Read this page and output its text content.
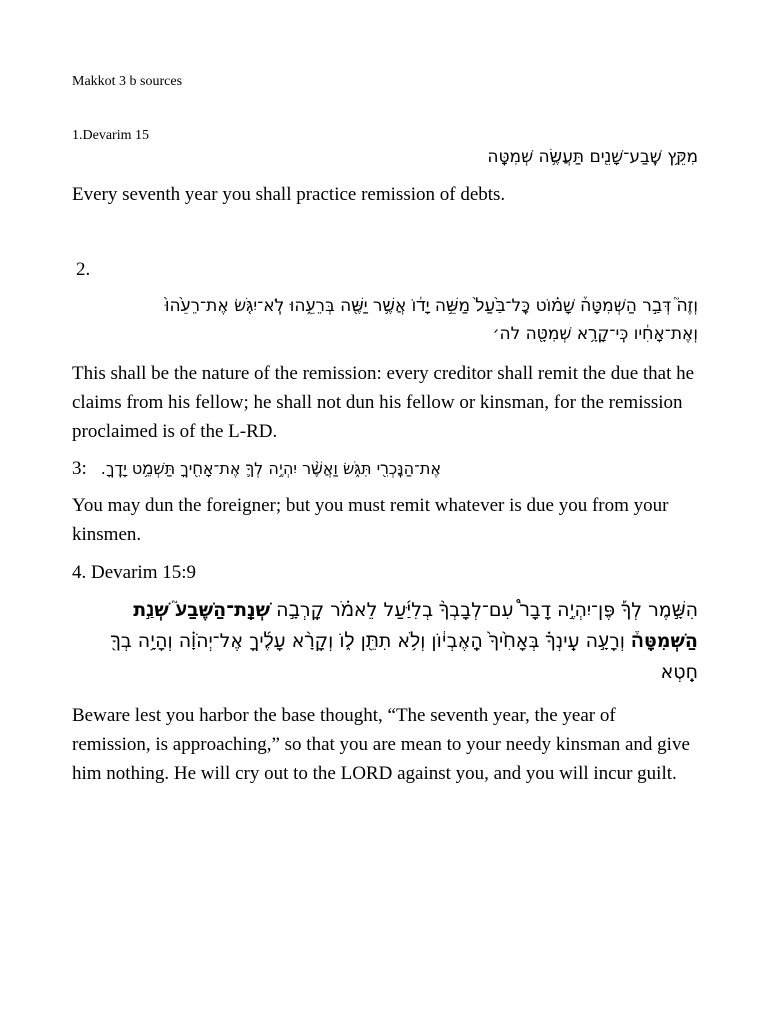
Makkot 3 b sources
1.Devarim 15
מִקֵּ֥ץ שֶֽׁבַע־שָׁנִ֖ים תַּעֲשֶׂ֥ה שְׁמִטָּֽה
Every seventh year you shall practice remission of debts.
2.
וְזֶה֮ דְּבַ֣ר הַשְּׁמִטָּה֒ שָׁמ֗וֹט כׇּל־בַּ֙עַל֙ מַשֵּׁ֣ה יָד֔וֹ אֲשֶׁ֥ר יַשֶּׁ֖ה בְּרֵעֵ֑הוּ לֹֽא־יִגֹּ֤שׂ אֶת־רֵעֵ֙הוּ֙
וְאֶת־אָחִ֔יו כִּֽי־קָרָ֥א שְׁמִטָּ֖ה לה׳
This shall be the nature of the remission: every creditor shall remit the due that he claims from his fellow; he shall not dun his fellow or kinsman, for the remission proclaimed is of the L-RD.
3: אֶת־הַנׇּכְרִ֖י תִּגֹּ֑שׂ וַאֲשֶׁ֨ר יִהְיֶ֥ה לְךָ֛ אֶת־אָחִ֖יךָ תַּשְׁמֵ֥ט יָדֶֽךָ.
You may dun the foreigner; but you must remit whatever is due you from your kinsmen.
4. Devarim 15:9
הִשָּׁ֣מֶר לְךָ֡ פֶּן־יִהְיֶ֣ה דָבָר֩ עִם־לְבָבְךָ֨ בְלִיַּ֜עַל לֵאמֹ֗ר קָֽרְבָ֣ה שְׁנַֽת־הַשֶּׁבַע֮ שְׁנַ֣ת
הַשְּׁמִטָּה֒ וְרָעָ֣ה עֵֽינְךָ֗ בְּאָחִ֙יךָ֙ הָֽאֶבְי֔וֹן וְלֹ֥א תִתֵּ֖ן ל֑וֹ וְקָרָ֨א עָלֶ֜יךָ אֶל־יְהֹוָ֗ה וְהָיָ֥ה בְךָ֖
חֵֽטְא
Beware lest you harbor the base thought, “The seventh year, the year of remission, is approaching,” so that you are mean to your needy kinsman and give him nothing. He will cry out to the LORD against you, and you will incur guilt.
